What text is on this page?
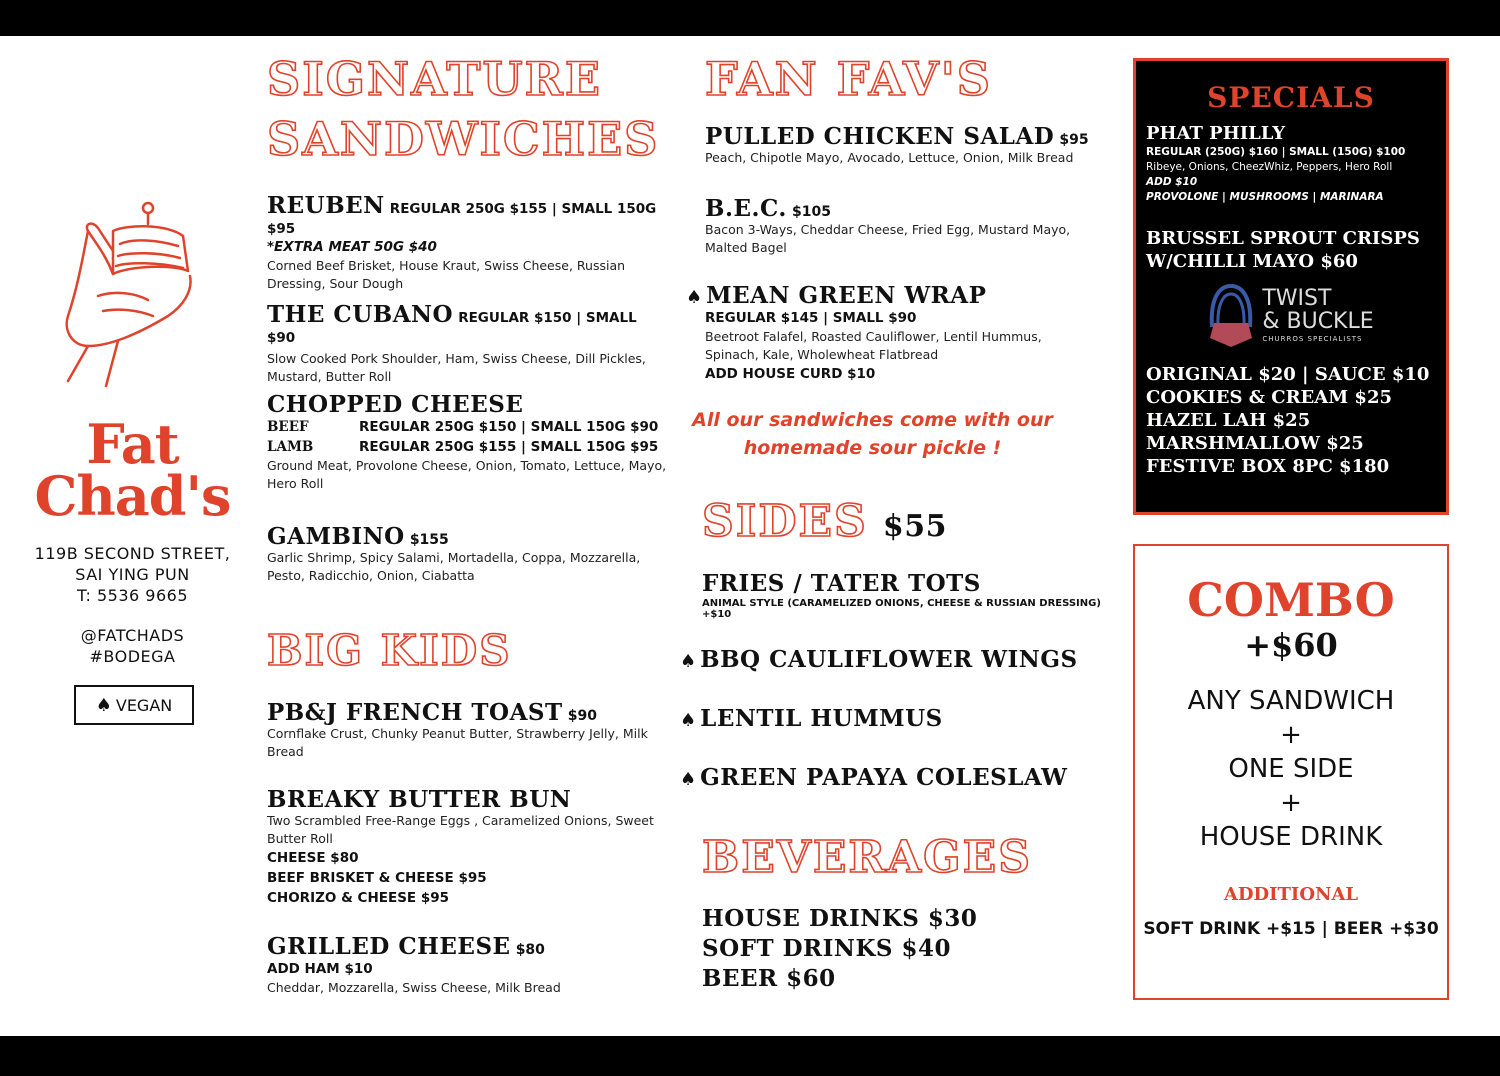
Fat
Chad's
119B SECOND STREET,
SAI YING PUN
T: 5536 9665
@FATCHADS
#BODEGA
♠ VEGAN
SIGNATURE
SANDWICHES
REUBEN REGULAR 250G $155 | SMALL 150G $95
*EXTRA MEAT 50G $40
Corned Beef Brisket, House Kraut, Swiss Cheese, Russian Dressing, Sour Dough
THE CUBANO REGULAR $150 | SMALL $90
Slow Cooked Pork Shoulder, Ham, Swiss Cheese, Dill Pickles, Mustard, Butter Roll
CHOPPED CHEESE
BEEF	REGULAR 250G $150 | SMALL 150G $90
LAMB	REGULAR 250G $155 | SMALL 150G $95
Ground Meat, Provolone Cheese, Onion, Tomato, Lettuce, Mayo, Hero Roll
GAMBINO $155
Garlic Shrimp, Spicy Salami, Mortadella, Coppa, Mozzarella, Pesto, Radicchio, Onion, Ciabatta
BIG KIDS
PB&J FRENCH TOAST $90
Cornflake Crust, Chunky Peanut Butter, Strawberry Jelly, Milk Bread
BREAKY BUTTER BUN
Two Scrambled Free-Range Eggs , Caramelized Onions, Sweet Butter Roll
CHEESE $80
BEEF BRISKET & CHEESE $95
CHORIZO & CHEESE $95
GRILLED CHEESE $80
ADD HAM $10
Cheddar, Mozzarella, Swiss Cheese, Milk Bread
FAN FAV'S
PULLED CHICKEN SALAD $95
Peach, Chipotle Mayo, Avocado, Lettuce, Onion, Milk Bread
B.E.C. $105
Bacon 3-Ways, Cheddar Cheese, Fried Egg, Mustard Mayo, Malted Bagel
♠ MEAN GREEN WRAP
REGULAR $145 | SMALL $90
Beetroot Falafel, Roasted Cauliflower, Lentil Hummus, Spinach, Kale, Wholewheat Flatbread
ADD HOUSE CURD $10
All our sandwiches come with our
homemade sour pickle !
SIDES $55
FRIES / TATER TOTS
ANIMAL STYLE (CARAMELIZED ONIONS, CHEESE & RUSSIAN DRESSING) +$10
♠ BBQ CAULIFLOWER WINGS
♠ LENTIL HUMMUS
♠ GREEN PAPAYA COLESLAW
BEVERAGES
HOUSE DRINKS $30
SOFT DRINKS $40
BEER $60
SPECIALS
PHAT PHILLY
REGULAR (250G) $160 | SMALL (150G) $100
Ribeye, Onions, CheezWhiz, Peppers, Hero Roll
ADD $10
PROVOLONE | MUSHROOMS | MARINARA
BRUSSEL SPROUT CRISPS
W/CHILLI MAYO $60
TWIST
& BUCKLE
CHURROS SPECIALISTS
ORIGINAL $20 | SAUCE $10
COOKIES & CREAM $25
HAZEL LAH $25
MARSHMALLOW $25
FESTIVE BOX 8PC $180
COMBO
+$60
ANY SANDWICH
+
ONE SIDE
+
HOUSE DRINK
ADDITIONAL
SOFT DRINK +$15 | BEER +$30
